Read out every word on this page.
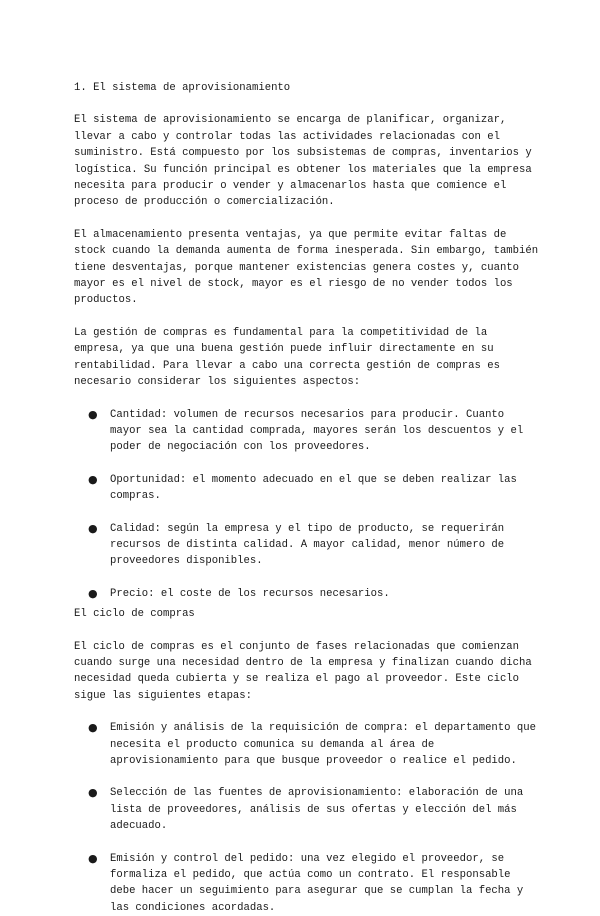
1. El sistema de aprovisionamiento

El sistema de aprovisionamiento se encarga de planificar, organizar, llevar a cabo y controlar todas las actividades relacionadas con el suministro. Está compuesto por los subsistemas de compras, inventarios y logística. Su función principal es obtener los materiales que la empresa necesita para producir o vender y almacenarlos hasta que comience el proceso de producción o comercialización.

El almacenamiento presenta ventajas, ya que permite evitar faltas de stock cuando la demanda aumenta de forma inesperada. Sin embargo, también tiene desventajas, porque mantener existencias genera costes y, cuanto mayor es el nivel de stock, mayor es el riesgo de no vender todos los productos.

La gestión de compras es fundamental para la competitividad de la empresa, ya que una buena gestión puede influir directamente en su rentabilidad. Para llevar a cabo una correcta gestión de compras es necesario considerar los siguientes aspectos:

● Cantidad: volumen de recursos necesarios para producir. Cuanto mayor sea la cantidad comprada, mayores serán los descuentos y el poder de negociación con los proveedores.
● Oportunidad: el momento adecuado en el que se deben realizar las compras.
● Calidad: según la empresa y el tipo de producto, se requerirán recursos de distinta calidad. A mayor calidad, menor número de proveedores disponibles.
● Precio: el coste de los recursos necesarios.
El ciclo de compras

El ciclo de compras es el conjunto de fases relacionadas que comienzan cuando surge una necesidad dentro de la empresa y finalizan cuando dicha necesidad queda cubierta y se realiza el pago al proveedor. Este ciclo sigue las siguientes etapas:

● Emisión y análisis de la requisición de compra: el departamento que necesita el producto comunica su demanda al área de aprovisionamiento para que busque proveedor o realice el pedido.
● Selección de las fuentes de aprovisionamiento: elaboración de una lista de proveedores, análisis de sus ofertas y elección del más adecuado.
● Emisión y control del pedido: una vez elegido el proveedor, se formaliza el pedido, que actúa como un contrato. El responsable debe hacer un seguimiento para asegurar que se cumplan la fecha y las condiciones acordadas.
